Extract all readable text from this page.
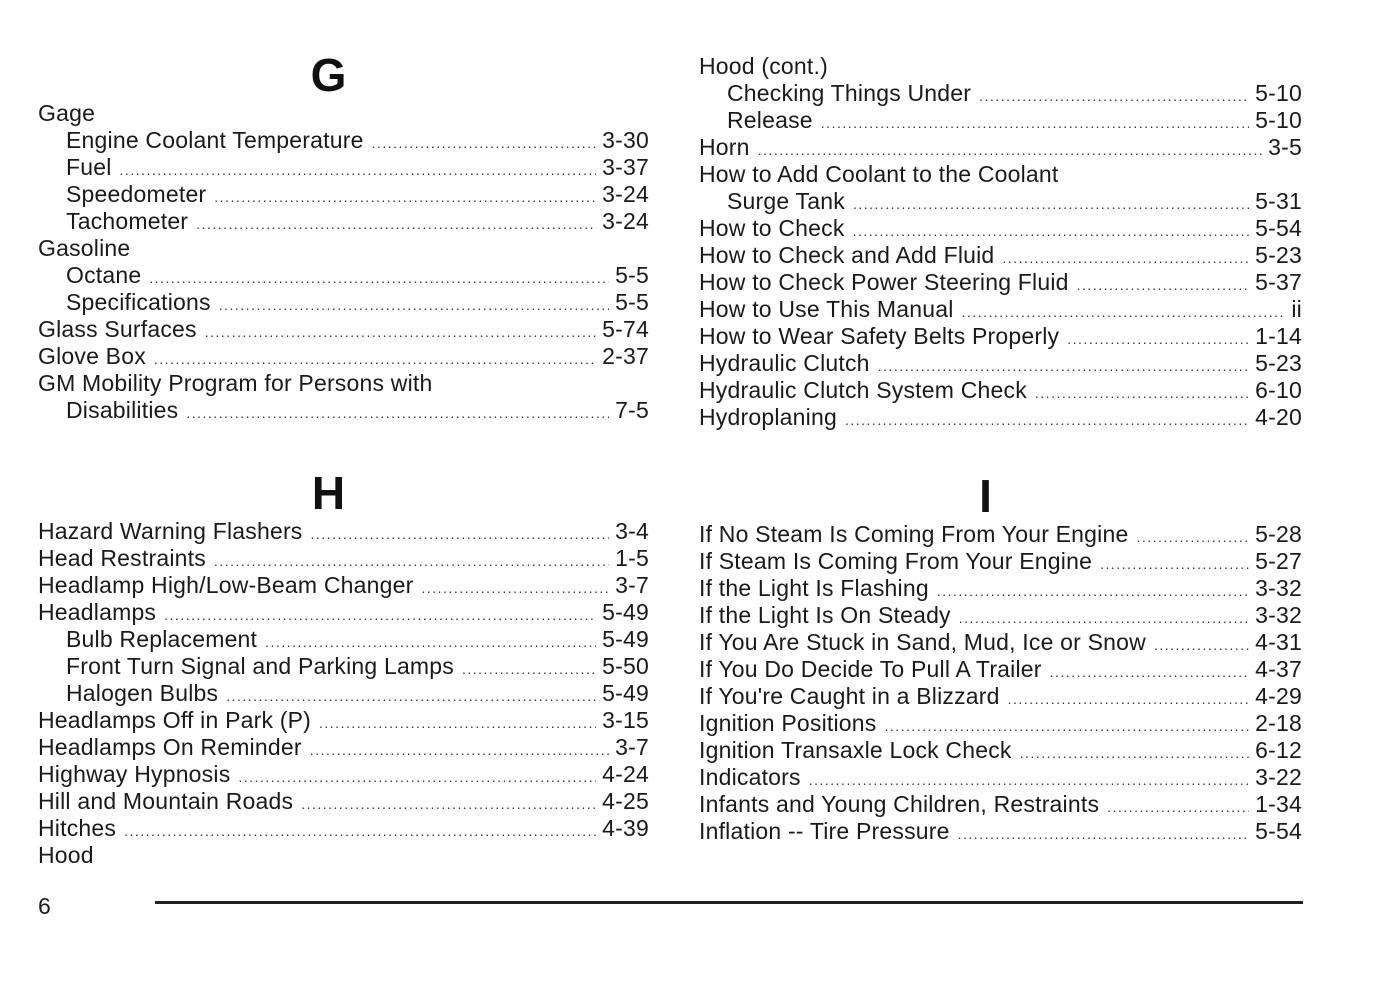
G
Gage
Engine Coolant Temperature .....	3-30
Fuel .....	3-37
Speedometer .....	3-24
Tachometer .....	3-24
Gasoline
Octane .....	5-5
Specifications .....	5-5
Glass Surfaces .....	5-74
Glove Box .....	2-37
GM Mobility Program for Persons with
Disabilities .....	7-5
H
Hazard Warning Flashers .....	3-4
Head Restraints .....	1-5
Headlamp High/Low-Beam Changer .....	3-7
Headlamps .....	5-49
Bulb Replacement .....	5-49
Front Turn Signal and Parking Lamps .....	5-50
Halogen Bulbs .....	5-49
Headlamps Off in Park (P) .....	3-15
Headlamps On Reminder .....	3-7
Highway Hypnosis .....	4-24
Hill and Mountain Roads .....	4-25
Hitches .....	4-39
Hood
Hood (cont.)
Checking Things Under .....	5-10
Release .....	5-10
Horn .....	3-5
How to Add Coolant to the Coolant
Surge Tank .....	5-31
How to Check .....	5-54
How to Check and Add Fluid .....	5-23
How to Check Power Steering Fluid .....	5-37
How to Use This Manual .....	ii
How to Wear Safety Belts Properly .....	1-14
Hydraulic Clutch .....	5-23
Hydraulic Clutch System Check .....	6-10
Hydroplaning .....	4-20
I
If No Steam Is Coming From Your Engine .....	5-28
If Steam Is Coming From Your Engine .....	5-27
If the Light Is Flashing .....	3-32
If the Light Is On Steady .....	3-32
If You Are Stuck in Sand, Mud, Ice or Snow .....	4-31
If You Do Decide To Pull A Trailer .....	4-37
If You're Caught in a Blizzard .....	4-29
Ignition Positions .....	2-18
Ignition Transaxle Lock Check .....	6-12
Indicators .....	3-22
Infants and Young Children, Restraints .....	1-34
Inflation -- Tire Pressure .....	5-54
6
